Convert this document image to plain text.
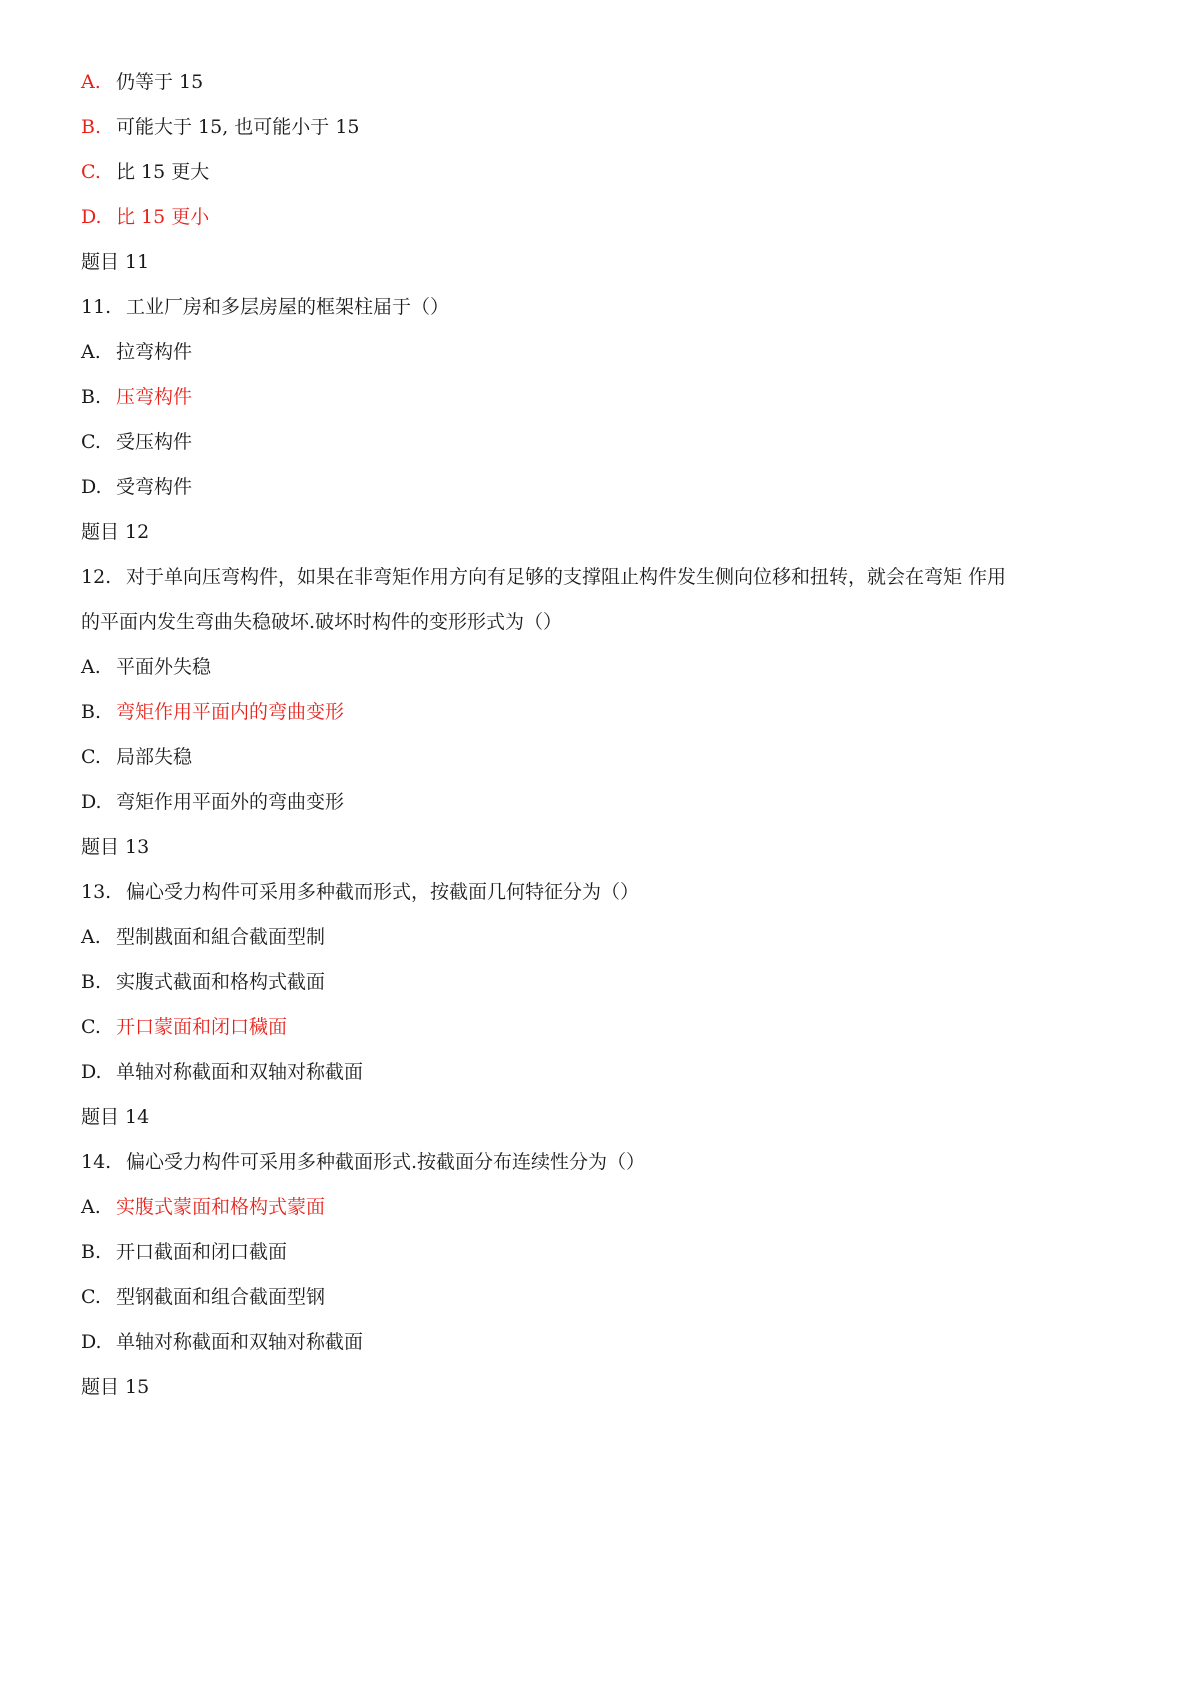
A. 仍等于 15
B. 可能大于 15, 也可能小于 15
C. 比 15 更大
D. 比 15 更小
题目 11
11. 工业厂房和多层房屋的框架柱届于（）
A. 拉弯构件
B. 压弯构件
C. 受压构件
D. 受弯构件
题目 12
12. 对于单向压弯构件，如果在非弯矩作用方向有足够的支撑阻止构件发生侧向位移和扭转，就会在弯矩 作用
的平面内发生弯曲失稳破坏.破坏时构件的变形形式为（）
A. 平面外失稳
B. 弯矩作用平面内的弯曲变形
C. 局部失稳
D. 弯矩作用平面外的弯曲变形
题目 13
13. 偏心受力构件可采用多种截而形式，按截面几何特征分为（）
A. 型制戡面和組合截面型制
B. 实腹式截面和格构式截面
C. 开口蒙面和闭口穢面
D. 单轴对称截面和双轴对称截面
题目 14
14. 偏心受力构件可采用多种截面形式.按截面分布连续性分为（）
A. 实腹式蒙面和格构式蒙面
B. 开口截面和闭口截面
C. 型钢截面和组合截面型钢
D. 单轴对称截面和双轴对称截面
题目 15
